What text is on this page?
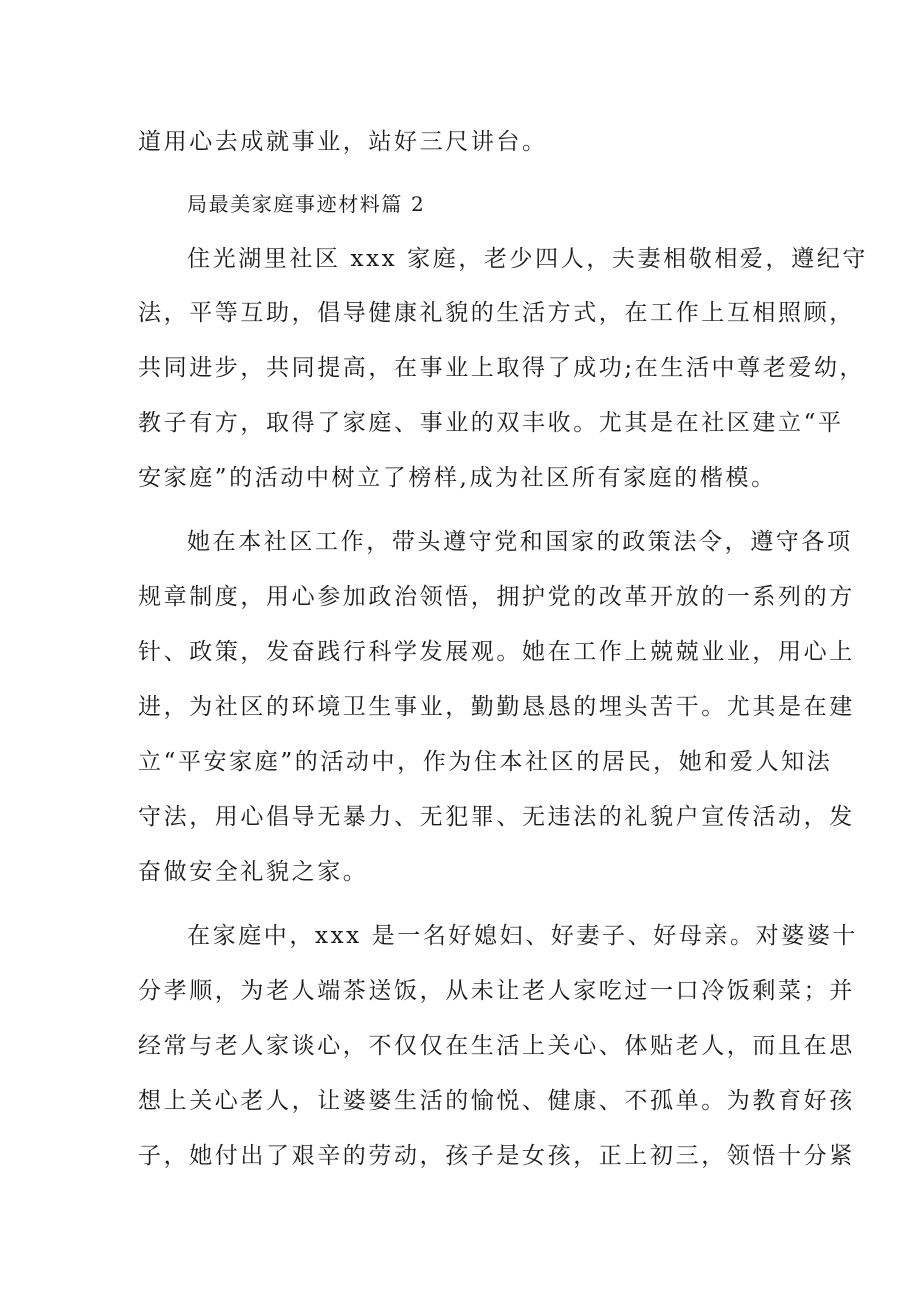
道用心去成就事业，站好三尺讲台。
局最美家庭事迹材料篇 2
住光湖里社区 xxx 家庭，老少四人，夫妻相敬相爱，遵纪守
法，平等互助，倡导健康礼貌的生活方式，在工作上互相照顾，
共同进步，共同提高，在事业上取得了成功;在生活中尊老爱幼，
教子有方，取得了家庭、事业的双丰收。尤其是在社区建立“平
安家庭”的活动中树立了榜样,成为社区所有家庭的楷模。
她在本社区工作，带头遵守党和国家的政策法令，遵守各项
规章制度，用心参加政治领悟，拥护党的改革开放的一系列的方
针、政策，发奋践行科学发展观。她在工作上兢兢业业，用心上
进，为社区的环境卫生事业，勤勤恳恳的埋头苦干。尤其是在建
立“平安家庭”的活动中，作为住本社区的居民，她和爱人知法
守法，用心倡导无暴力、无犯罪、无违法的礼貌户宣传活动，发
奋做安全礼貌之家。
在家庭中，xxx 是一名好媳妇、好妻子、好母亲。对婆婆十
分孝顺，为老人端茶送饭，从未让老人家吃过一口冷饭剩菜；并
经常与老人家谈心，不仅仅在生活上关心、体贴老人，而且在思
想上关心老人，让婆婆生活的愉悦、健康、不孤单。为教育好孩
子，她付出了艰辛的劳动，孩子是女孩，正上初三，领悟十分紧
